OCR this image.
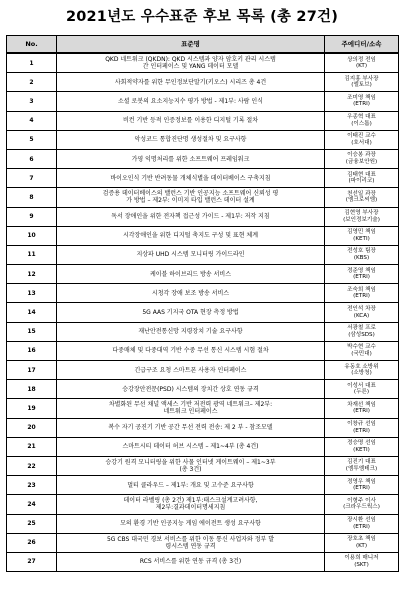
2021년도 우수표준 후보 목록 (총 27건)
No.	표준명	주에디터/소속
1	QKD 네트워크 (QKDN): QKD 시스템과 양자 암호키 관리 시스템
간 인터페이스 및 YANG 데이터 모델	상의정 전임
(KT)
2	사회적약자를 위한 무인정보단말기(키오스) 시리즈 총 4건	김지홍 부사장
(엘토브)
3	소셜 로봇의 요소지능지수 평가 방법 - 제1부: 사람 인식	조미영 책임
(ETRI)
4	비컨 기반 등적 인증정보를 이용한 디지털 기록 절차	우종혁 대표
(이스톰)
5	악성코드 통합진단명 생성절차 및 요구사항	이태진 교수
(호서대)
6	가영 익명처리를 위한 소프트웨어 프레임워크	이승봉 과장
(금융보안원)
7	바이오인식 기반 반려동물 개체식별을 데이터베이스 구축지침	김태현 대표
(파이리코)
8	검증용 데이터베이스의 밸런스 기반 인공지능 소프트웨어 신뢰성 평
가 방법 – 제2부: 이미지 타입 밸런스 데이터 설계	천선일 과장
(엠크로씨엠)
9	독서 장애인을 위한 전자책 접근성 가이드 - 제1부: 저작 지침	김현영 부사장
(보인정보기술)
10	시각장애인을 위한 디지털 축지도 구성 및 표현 체계	김영민 책임
(KETI)
11	지상파 UHD 시스템 모니터링 가이드라인	전성호 팀장
(KBS)
12	케이블 하이브리드 방송 서비스	정준영 책임
(ETRI)
13	시청각 장애 보조 방송 서비스	조숙희 책임
(ETRI)
14	5G AAS 기지국 OTA 현장 측정 방법	전인석 차장
(KCA)
15	재난안전통신망 지령장치 기술 요구사항	서광철 프로
(삼성SDS)
16	다중매체 및 다중대역 기반 수중 무선 통신 시스템 시험 절차	박수현 교수
(국민대)
17	긴급구조 요청 스마트폰 사용자 인터페이스	유동호 소방위
(소방청)
18	승강장안전문(PSD) 시스템의 장치간 상호 연동 규격	이성서 대표
(두른)
19	차별화된 무선 채널 액세스 기반 저전력 광역 네트워크– 제2부:
네트워크 인터페이스	차재선 책임
(ETRI)
20	복수 자기 공진기 기반 공간 무선 전력 전송: 제 2 부 - 참조모델	이창규 선임
(ETRI)
21	스마트시티 데이터 허브 시스템 – 제1~4부 (총 4건)	정승명 선임
(KETI)
22	승강기 원격 모니터링을 위한 사물 인터넷 게이트웨이 – 제1~3부
(총 3건)	김진기 대표
(엠투엠테크)
23	멀티 클라우드 – 제1부: 개요 및 고수준 요구사항	정영우 책임
(ETRI)
24	데이터 라벨링 (총 2건) 제1부:태스크설계고려사항,
제2부:결과데이터명세지침	이형주 이사
(크라우드웍스)
25	모의 환경 기반 인공지능 게임 에이전트 생성 요구사항	장시환 선임
(ETRI)
26	5G CBS 대국민 경보 서비스를 위한 이동 통신 사업자와 정부 발
령시스템 연동 규격	장호초 책임
(KT)
27	RCS 서비스를 위한 연동 규격 (총 3건)	이용희 매니저
(SKT)
